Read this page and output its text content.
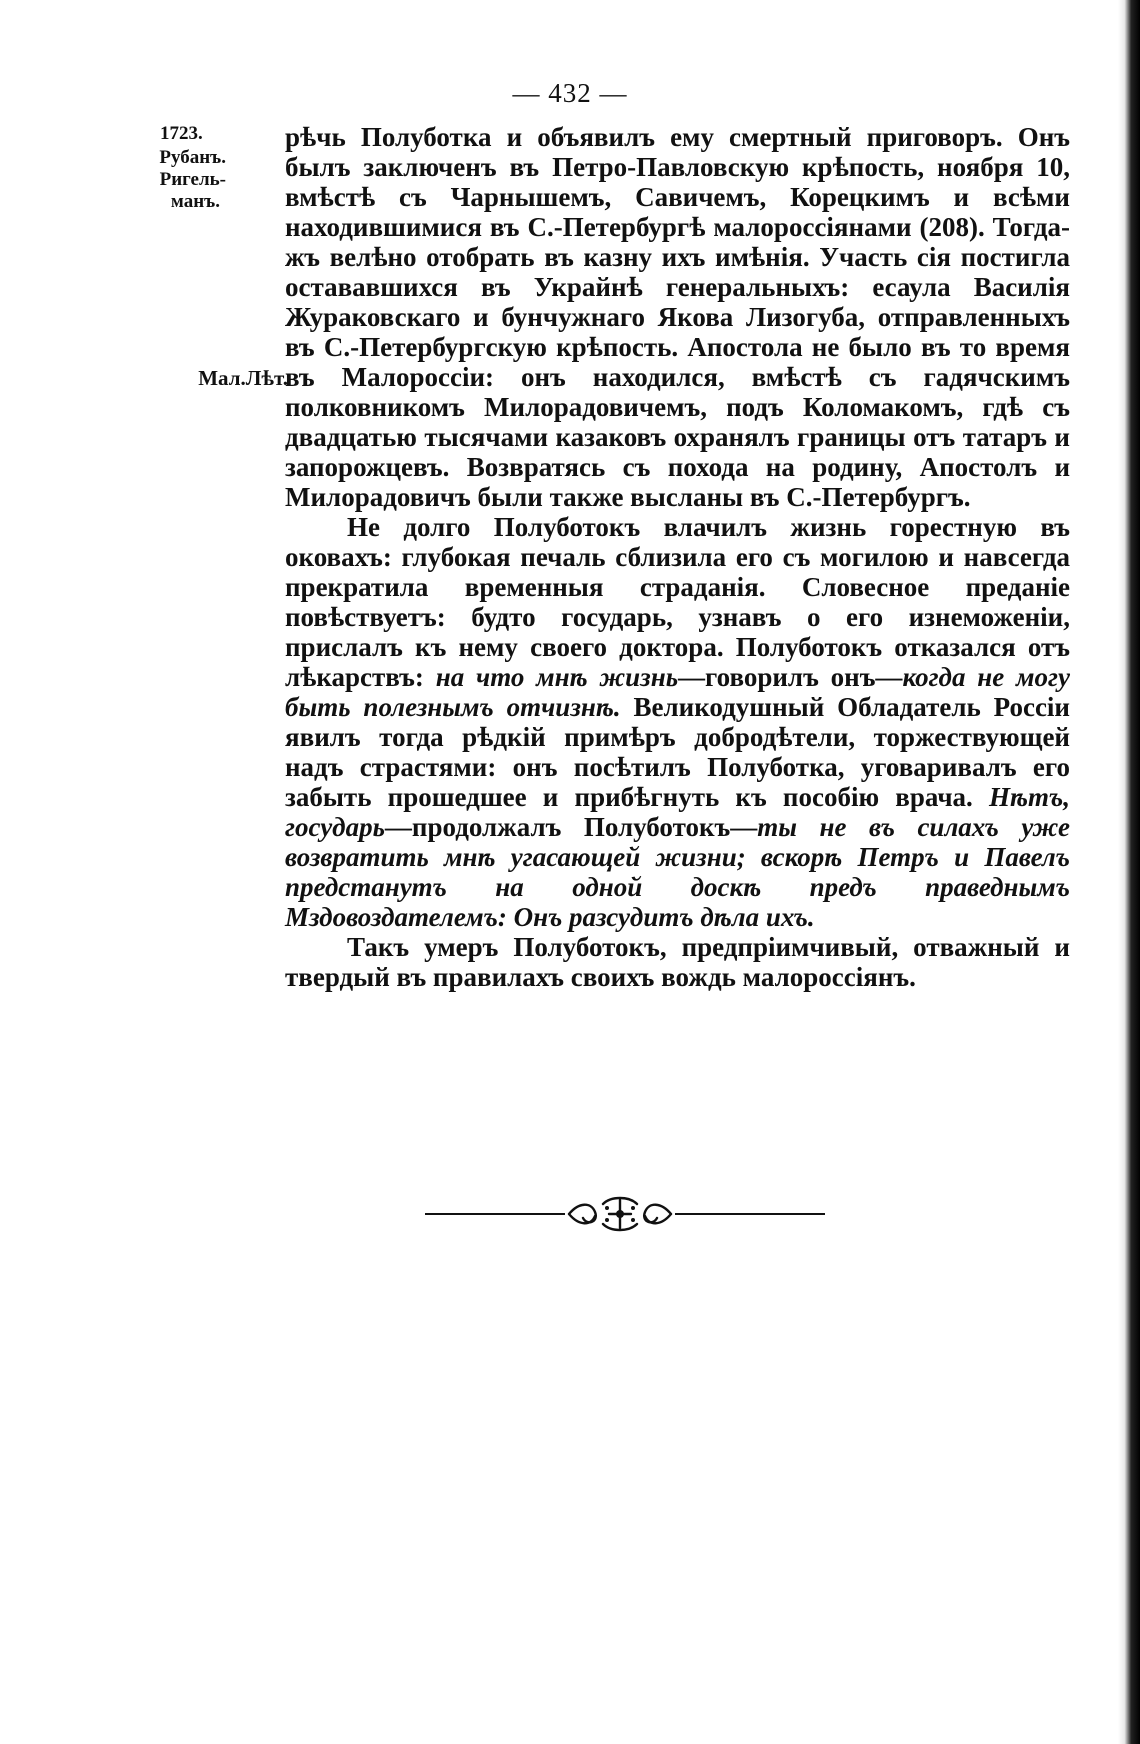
— 432 —
1723.
Рубанъ.
Ригель-
манъ.
Мал.Лѣт.

рѣчь Полуботка и объявилъ ему смертный приговоръ. Онъ былъ заключенъ въ Петро-Павловскую крѣпость, ноября 10, вмѣстѣ съ Чарнышемъ, Савичемъ, Корецкимъ и всѣми находившимися въ С.-Петербургѣ малороссіянами (208). Тогда-жъ велѣно отобрать въ казну ихъ имѣнія. Участь сія постигла остававшихся въ Украйнѣ генеральныхъ: есаула Василія Жураковскаго и бунчужнаго Якова Лизогуба, отправленныхъ въ С.-Петербургскую крѣпость. Апостола не было въ то время въ Малороссіи: онъ находился, вмѣстѣ съ гадячскимъ полковникомъ Милорадовичемъ, подъ Коломакомъ, гдѣ съ двадцатью тысячами казаковъ охранялъ границы отъ татаръ и запорожцевъ. Возвратясь съ похода на родину, Апостолъ и Милорадовичъ были также высланы въ С.-Петербургъ.

Не долго Полуботокъ влачилъ жизнь горестную въ оковахъ: глубокая печаль сблизила его съ могилою и навсегда прекратила временныя страданія. Словесное преданіе повѣствуетъ: будто государь, узнавъ о его изнеможеніи, прислалъ къ нему своего доктора. Полуботокъ отказался отъ лѣкарствъ: на что мнѣ жизнь—говорилъ онъ—когда не могу быть полезнымъ отчизнѣ. Великодушный Обладатель Россіи явилъ тогда рѣдкій примѣръ добродѣтели, торжествующей надъ страстями: онъ посѣтилъ Полуботка, уговаривалъ его забыть прошедшее и прибѣгнуть къ пособію врача. Нѣтъ, государь—продолжалъ Полуботокъ—ты не въ силахъ уже возвратить мнѣ угасающей жизни; вскорѣ Петръ и Павелъ предстанутъ на одной доскѣ предъ праведнымъ Мздовоздателемъ: Онъ разсудитъ дѣла ихъ.

Такъ умеръ Полуботокъ, предпріимчивый, отважный и твердый въ правилахъ своихъ вождь малороссіянъ.
